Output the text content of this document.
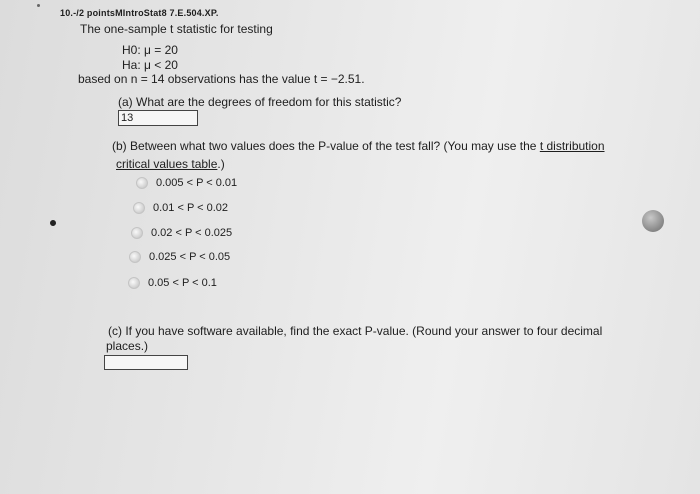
10.-/2 pointsMIntroStat8 7.E.504.XP.
The one-sample t statistic for testing
H0: μ = 20
Ha: μ < 20
based on n = 14 observations has the value t = −2.51.
(a) What are the degrees of freedom for this statistic?
13
(b) Between what two values does the P-value of the test fall? (You may use the t distribution
critical values table.)
0.005 < P < 0.01
0.01 < P < 0.02
0.02 < P < 0.025
0.025 < P < 0.05
0.05 < P < 0.1
(c) If you have software available, find the exact P-value. (Round your answer to four decimal
places.)
